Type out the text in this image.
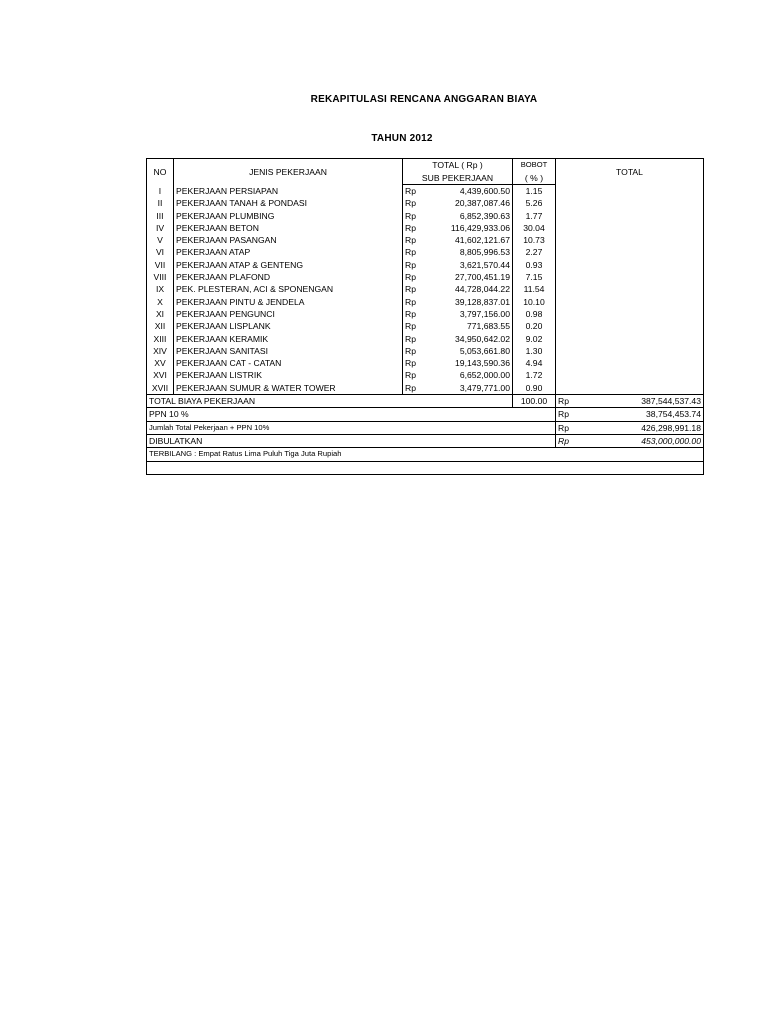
REKAPITULASI RENCANA ANGGARAN BIAYA
TAHUN 2012
NO	JENIS PEKERJAAN	TOTAL ( Rp )		BOBOT	TOTAL	
		SUB PEKERJAAN		( % )		
I	PEKERJAAN PERSIAPAN	Rp	4,439,600.50	1.15		
II	PEKERJAAN TANAH & PONDASI	Rp	20,387,087.46	5.26		
III	PEKERJAAN PLUMBING	Rp	6,852,390.63	1.77		
IV	PEKERJAAN BETON	Rp	116,429,933.06	30.04		
V	PEKERJAAN PASANGAN	Rp	41,602,121.67	10.73		
VI	PEKERJAAN ATAP	Rp	8,805,996.53	2.27		
VII	PEKERJAAN ATAP & GENTENG	Rp	3,621,570.44	0.93		
VIII	PEKERJAAN PLAFOND	Rp	27,700,451.19	7.15		
IX	PEK. PLESTERAN, ACI & SPONENGAN	Rp	44,728,044.22	11.54		
X	PEKERJAAN PINTU & JENDELA	Rp	39,128,837.01	10.10		
XI	PEKERJAAN PENGUNCI	Rp	3,797,156.00	0.98		
XII	PEKERJAAN LISPLANK	Rp	771,683.55	0.20		
XIII	PEKERJAAN KERAMIK	Rp	34,950,642.02	9.02		
XIV	PEKERJAAN SANITASI	Rp	5,053,661.80	1.30		
XV	PEKERJAAN CAT - CATAN	Rp	19,143,590.36	4.94		
XVI	PEKERJAAN LISTRIK	Rp	6,652,000.00	1.72		
XVII	PEKERJAAN SUMUR & WATER TOWER	Rp	3,479,771.00	0.90		
TOTAL BIAYA PEKERJAAN				100.00	Rp	387,544,537.43
PPN 10 %					Rp	38,754,453.74
Jumlah Total Pekerjaan + PPN 10%					Rp	426,298,991.18
DIBULATKAN					Rp	453,000,000.00
TERBILANG : Empat Ratus Lima Puluh Tiga Juta Rupiah						
